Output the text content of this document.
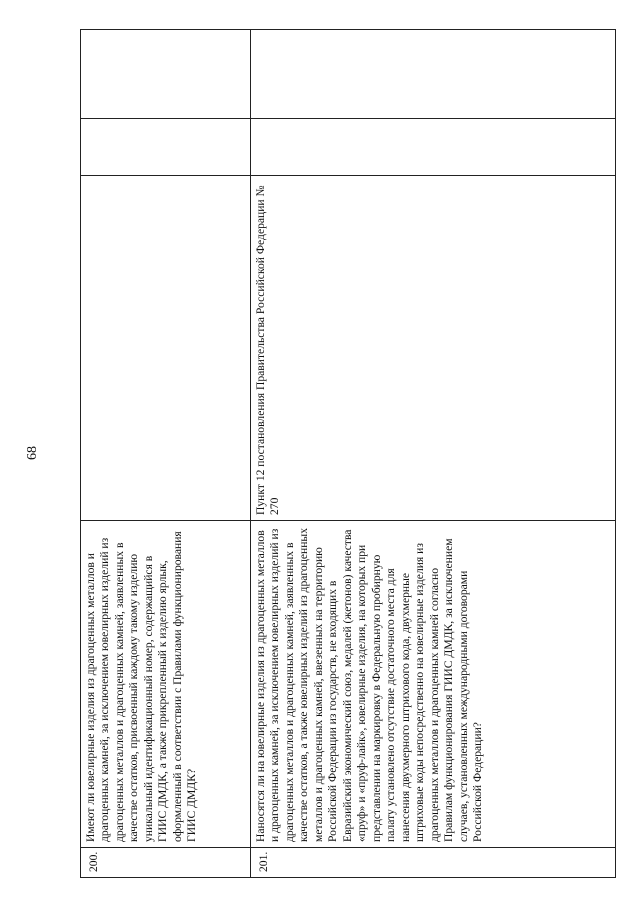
68
200.	Имеют ли ювелирные изделия из драгоценных металлов и драгоценных камней, за исключением ювелирных изделий из драгоценных металлов и драгоценных камней, заявленных в качестве остатков, присвоенный каждому такому изделию уникальный идентификационный номер, содержащийся в ГИИС ДМДК, а также прикрепленный к изделию ярлык, оформленный в соответствии с Правилами функционирования ГИИС ДМДК?			
201.	Наносятся ли на ювелирные изделия из драгоценных металлов и драгоценных камней, за исключением ювелирных изделий из драгоценных металлов и драгоценных камней, заявленных в качестве остатков, а также ювелирных изделий из драгоценных металлов и драгоценных камней, ввезенных на территорию Российской Федерации из государств, не входящих в Евразийский экономический союз, медалей (жетонов) качества «пруф» и «пруф-лайк», ювелирные изделия, на которых при представлении на маркировку в Федеральную пробирную палату установлено отсутствие достаточного места для нанесения двухмерного штрихового кода, двухмерные штриховые коды непосредственно на ювелирные изделия из драгоценных металлов и драгоценных камней согласно Правилам функционирования ГИИС ДМДК, за исключением случаев, установленных международными договорами Российской Федерации?	Пункт 12 постановления Правительства Российской Федерации № 270		
